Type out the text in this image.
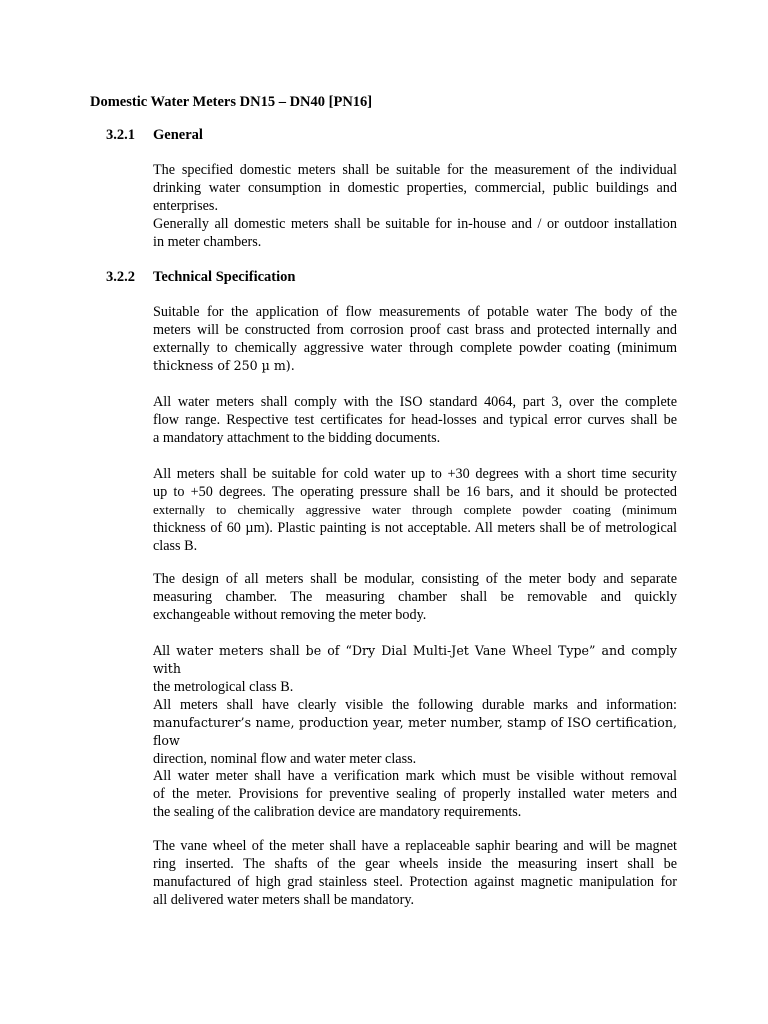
Domestic Water Meters DN15 – DN40 [PN16]
3.2.1 General
The specified domestic meters shall be suitable for the measurement of the individual
drinking water consumption in domestic properties, commercial, public buildings and
enterprises.
Generally all domestic meters shall be suitable for in-house and / or outdoor installation
in meter chambers.
3.2.2 Technical Specification
Suitable for the application of flow measurements of potable water The body of the
meters will be constructed from corrosion proof cast brass and protected internally and
externally to chemically aggressive water through complete powder coating (minimum
thickness of 250 µ m).
All water meters shall comply with the ISO standard 4064, part 3, over the complete
flow range. Respective test certificates for head-losses and typical error curves shall be
a mandatory attachment to the bidding documents.
All meters shall be suitable for cold water up to +30 degrees with a short time security
up to +50 degrees. The operating pressure shall be 16 bars, and it should be protected
externally to chemically aggressive water through complete powder coating (minimum
thickness of 60 µm). Plastic painting is not acceptable. All meters shall be of metrological
class B.
The design of all meters shall be modular, consisting of the meter body and separate
measuring chamber. The measuring chamber shall be removable and quickly
exchangeable without removing the meter body.
All water meters shall be of “Dry Dial Multi-Jet Vane Wheel Type” and comply with
the metrological class B.
All meters shall have clearly visible the following durable marks and information:
manufacturer’s name, production year, meter number, stamp of ISO certification, flow
direction, nominal flow and water meter class.
All water meter shall have a verification mark which must be visible without removal
of the meter. Provisions for preventive sealing of properly installed water meters and
the sealing of the calibration device are mandatory requirements.
The vane wheel of the meter shall have a replaceable saphir bearing and will be magnet
ring inserted. The shafts of the gear wheels inside the measuring insert shall be
manufactured of high grad stainless steel. Protection against magnetic manipulation for
all delivered water meters shall be mandatory.
